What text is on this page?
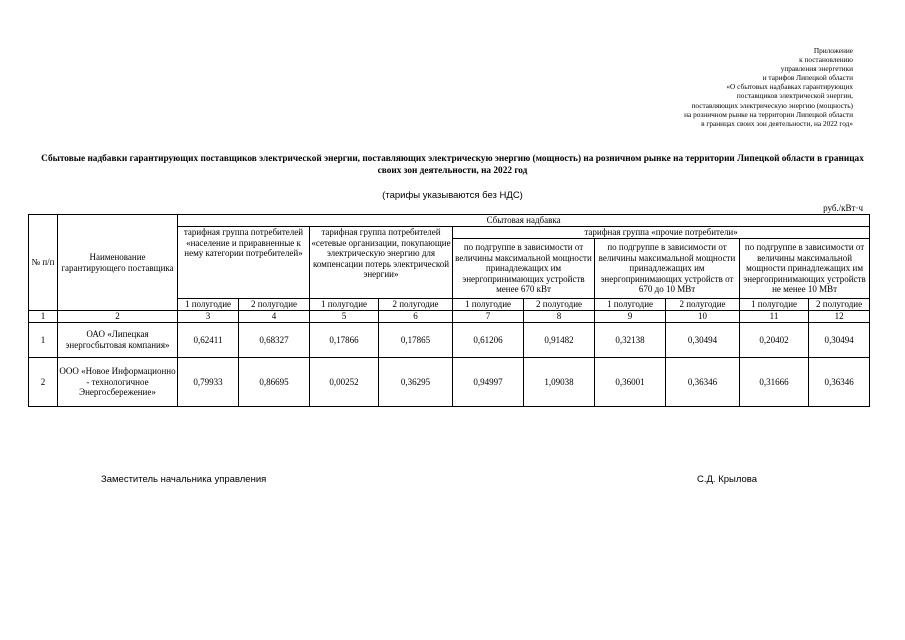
Приложение
к постановлению
управления энергетики
и тарифов Липецкой области
«О сбытовых надбавках гарантирующих
поставщиков электрической энергии,
поставляющих электрическую энергию (мощность)
на розничном рынке на территории Липецкой области
в границах своих зон деятельности, на 2022 год»
Сбытовые надбавки гарантирующих поставщиков электрической энергии, поставляющих электрическую энергию (мощность) на розничном рынке на территории Липецкой области в границах своих зон деятельности, на 2022 год
(тарифы указываются без НДС)
руб./кВт·ч
№ п/п	Наименование гарантирующего поставщика	Сбытовая надбавка									
		тарифная группа потребителей «население и приравненные к нему категории потребителей»		тарифная группа потребителей «сетевые организации, покупающие электрическую энергию для компенсации потерь электрической энергии»		тарифная группа «прочие потребители»					
						по подгруппе в зависимости от величины максимальной мощности принадлежащих им энергопринимающих устройств менее 670 кВт		по подгруппе в зависимости от величины максимальной мощности принадлежащих им энергопринимающих устройств от 670 до 10 МВт		по подгруппе в зависимости от величины максимальной мощности принадлежащих им энергопринимающих устройств не менее 10 МВт	
		1 полугодие	2 полугодие	1 полугодие	2 полугодие	1 полугодие	2 полугодие	1 полугодие	2 полугодие	1 полугодие	2 полугодие
1	2	3	4	5	6	7	8	9	10	11	12
1	ОАО «Липецкая энергосбытовая компания»	0,62411	0,68327	0,17866	0,17865	0,61206	0,91482	0,32138	0,30494	0,20402	0,30494
2	ООО «Новое Информационно - технологичное Энергосбережение»	0,79933	0,86695	0,00252	0,36295	0,94997	1,09038	0,36001	0,36346	0,31666	0,36346
Заместитель начальника управления	С.Д. Крылова
